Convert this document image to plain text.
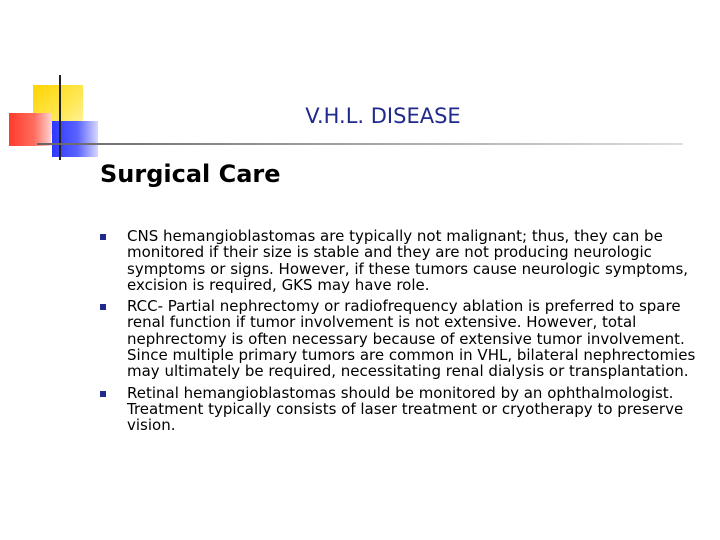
V.H.L. DISEASE
Surgical Care
CNS hemangioblastomas are typically not malignant; thus, they can be monitored if their size is stable and they are not producing neurologic symptoms or signs. However, if these tumors cause neurologic symptoms, excision is required, GKS may have role.
RCC- Partial nephrectomy or radiofrequency ablation is preferred to spare renal function if tumor involvement is not extensive. However, total nephrectomy is often necessary because of extensive tumor involvement. Since multiple primary tumors are common in VHL, bilateral nephrectomies may ultimately be required, necessitating renal dialysis or transplantation.
Retinal hemangioblastomas should be monitored by an ophthalmologist. Treatment typically consists of laser treatment or cryotherapy to preserve vision.
